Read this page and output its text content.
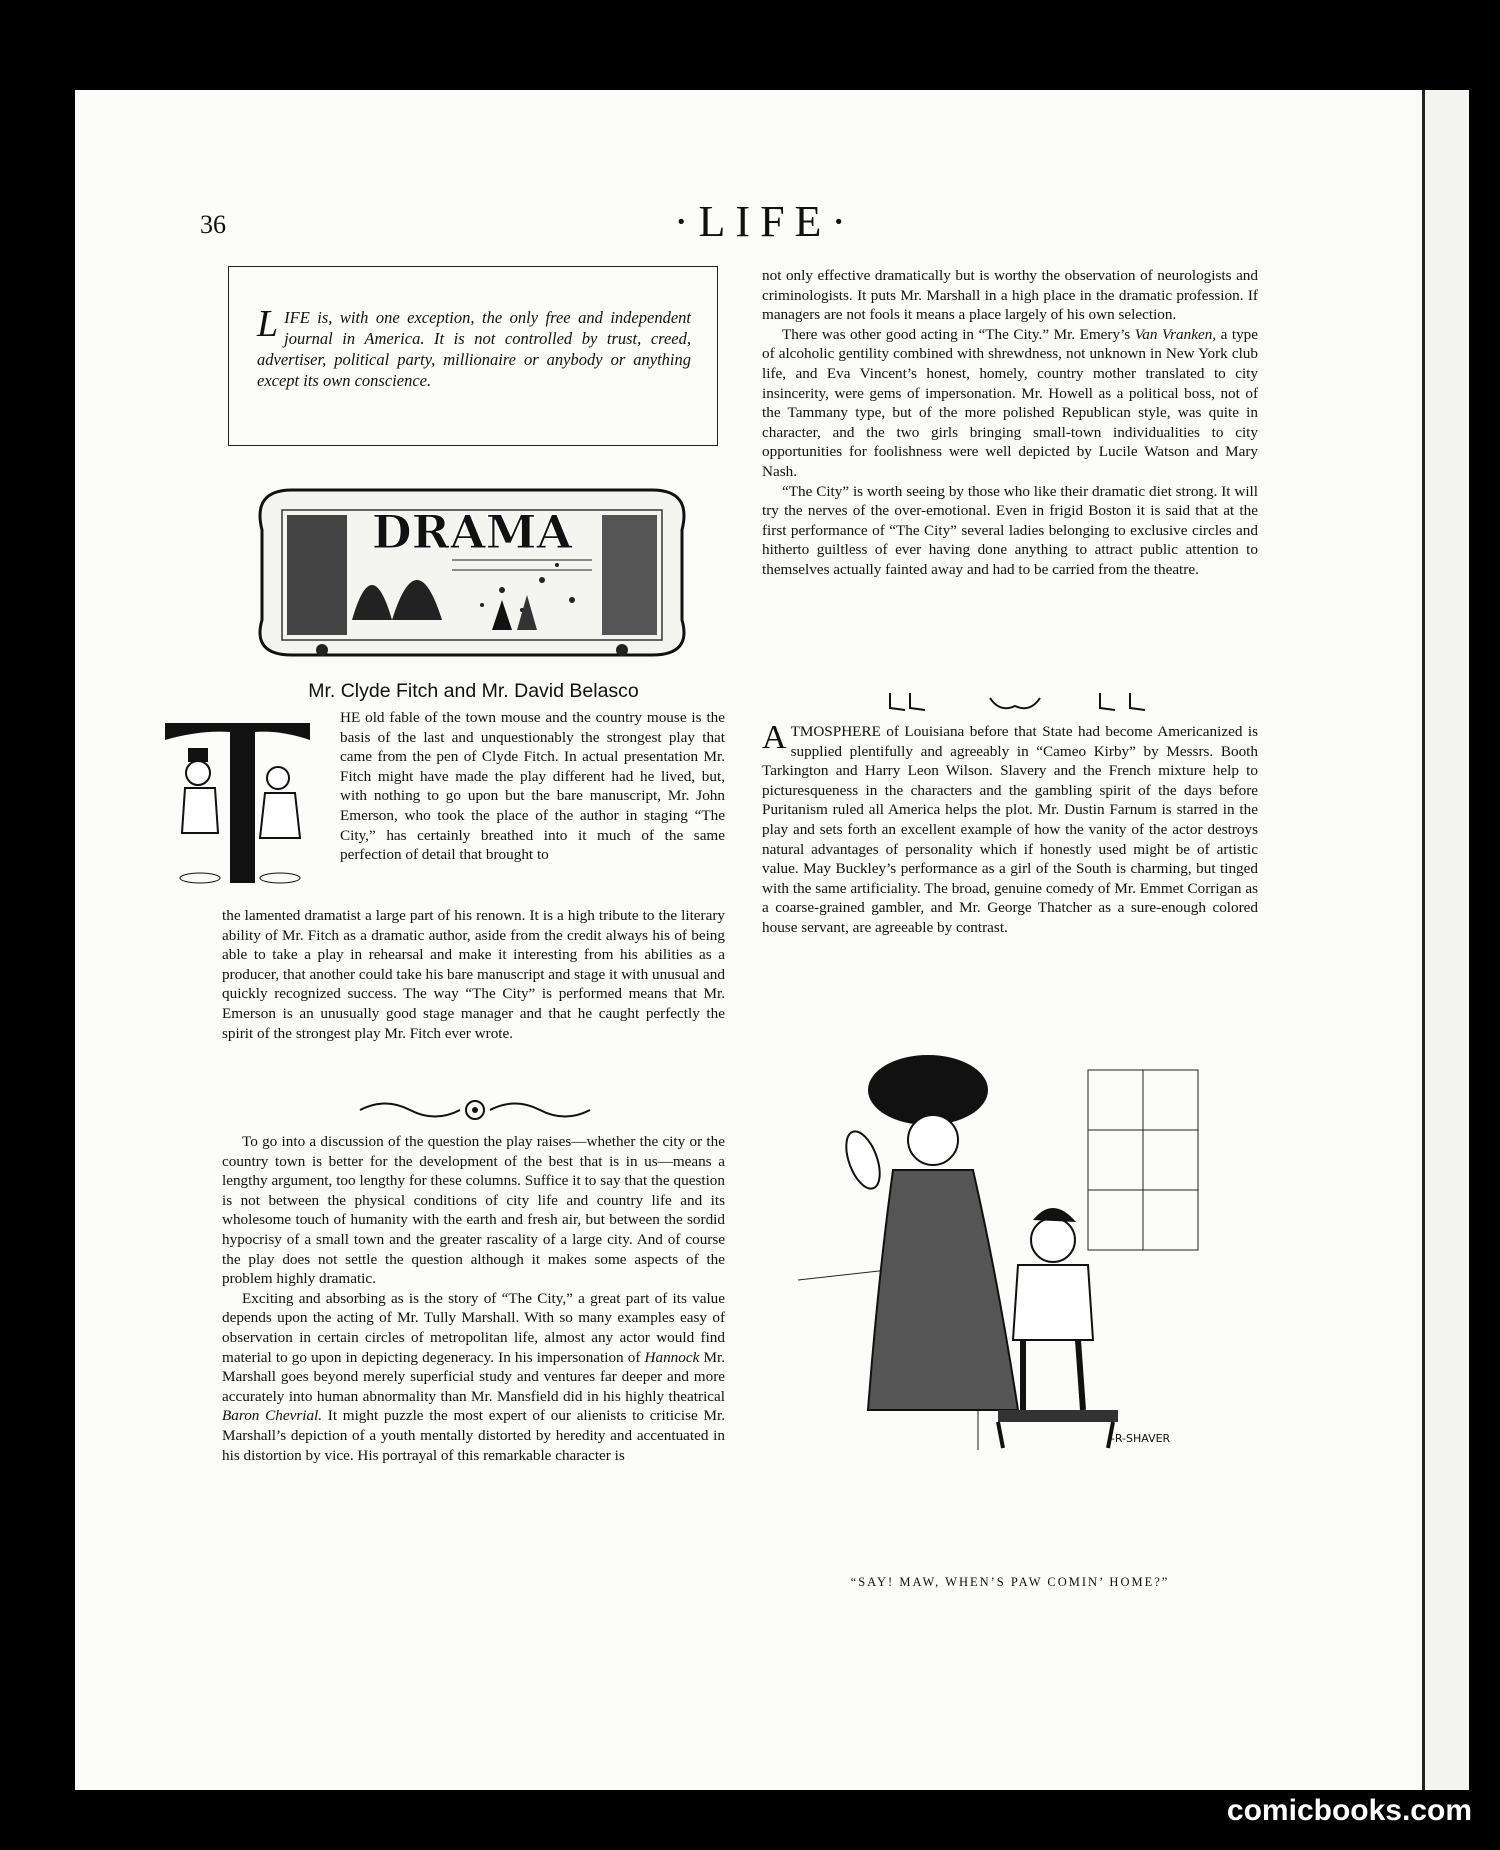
36	·LIFE·
L IFE is, with one exception, the only free and independent journal in America. It is not controlled by trust, creed, advertiser, political party, millionaire or anybody or anything except its own conscience.
DRAMA
Mr. Clyde Fitch and Mr. David Belasco

HE old fable of the town mouse and the country mouse is the basis of the last and unquestionably the strongest play that came from the pen of Clyde Fitch. In actual presentation Mr. Fitch might have made the play different had he lived, but, with nothing to go upon but the bare manuscript, Mr. John Emerson, who took the place of the author in staging “The City,” has certainly breathed into it much of the same perfection of detail that brought to

the lamented dramatist a large part of his renown. It is a high tribute to the literary ability of Mr. Fitch as a dramatic author, aside from the credit always his of being able to take a play in rehearsal and make it interesting from his abilities as a producer, that another could take his bare manuscript and stage it with unusual and quickly recognized success. The way “The City” is performed means that Mr. Emerson is an unusually good stage manager and that he caught perfectly the spirit of the strongest play Mr. Fitch ever wrote.

To go into a discussion of the question the play raises—whether the city or the country town is better for the development of the best that is in us—means a lengthy argument, too lengthy for these columns. Suffice it to say that the question is not between the physical conditions of city life and country life and its wholesome touch of humanity with the earth and fresh air, but between the sordid hypocrisy of a small town and the greater rascality of a large city. And of course the play does not settle the question although it makes some aspects of the problem highly dramatic.

Exciting and absorbing as is the story of “The City,” a great part of its value depends upon the acting of Mr. Tully Marshall. With so many examples easy of observation in certain circles of metropolitan life, almost any actor would find material to go upon in depicting degeneracy. In his impersonation of Hannock Mr. Marshall goes beyond merely superficial study and ventures far deeper and more accurately into human abnormality than Mr. Mansfield did in his highly theatrical Baron Chevrial. It might puzzle the most expert of our alienists to criticise Mr. Marshall’s depiction of a youth mentally distorted by heredity and accentuated in his distortion by vice. His portrayal of this remarkable character is

not only effective dramatically but is worthy the observation of neurologists and criminologists. It puts Mr. Marshall in a high place in the dramatic profession. If managers are not fools it means a place largely of his own selection.

There was other good acting in “The City.” Mr. Emery’s Van Vranken, a type of alcoholic gentility combined with shrewdness, not unknown in New York club life, and Eva Vincent’s honest, homely, country mother translated to city insincerity, were gems of impersonation. Mr. Howell as a political boss, not of the Tammany type, but of the more polished Republican style, was quite in character, and the two girls bringing small-town individualities to city opportunities for foolishness were well depicted by Lucile Watson and Mary Nash.

“The City” is worth seeing by those who like their dramatic diet strong. It will try the nerves of the over-emotional. Even in frigid Boston it is said that at the first performance of “The City” several ladies belonging to exclusive circles and hitherto guiltless of ever having done anything to attract public attention to themselves actually fainted away and had to be carried from the theatre.

ATMOSPHERE of Louisiana before that State had become Americanized is supplied plentifully and agreeably in “Cameo Kirby” by Messrs. Booth Tarkington and Harry Leon Wilson. Slavery and the French mixture help to picturesqueness in the characters and the gambling spirit of the days before Puritanism ruled all America helps the plot. Mr. Dustin Farnum is starred in the play and sets forth an excellent example of how the vanity of the actor destroys natural advantages of personality which if honestly used might be of artistic value. May Buckley’s performance as a girl of the South is charming, but tinged with the same artificiality. The broad, genuine comedy of Mr. Emmet Corrigan as a coarse-grained gambler, and Mr. George Thatcher as a sure-enough colored house servant, are agreeable by contrast.

J-R-SHAVER
“SAY! MAW, WHEN’S PAW COMIN’ HOME?”
comicbooks.com
